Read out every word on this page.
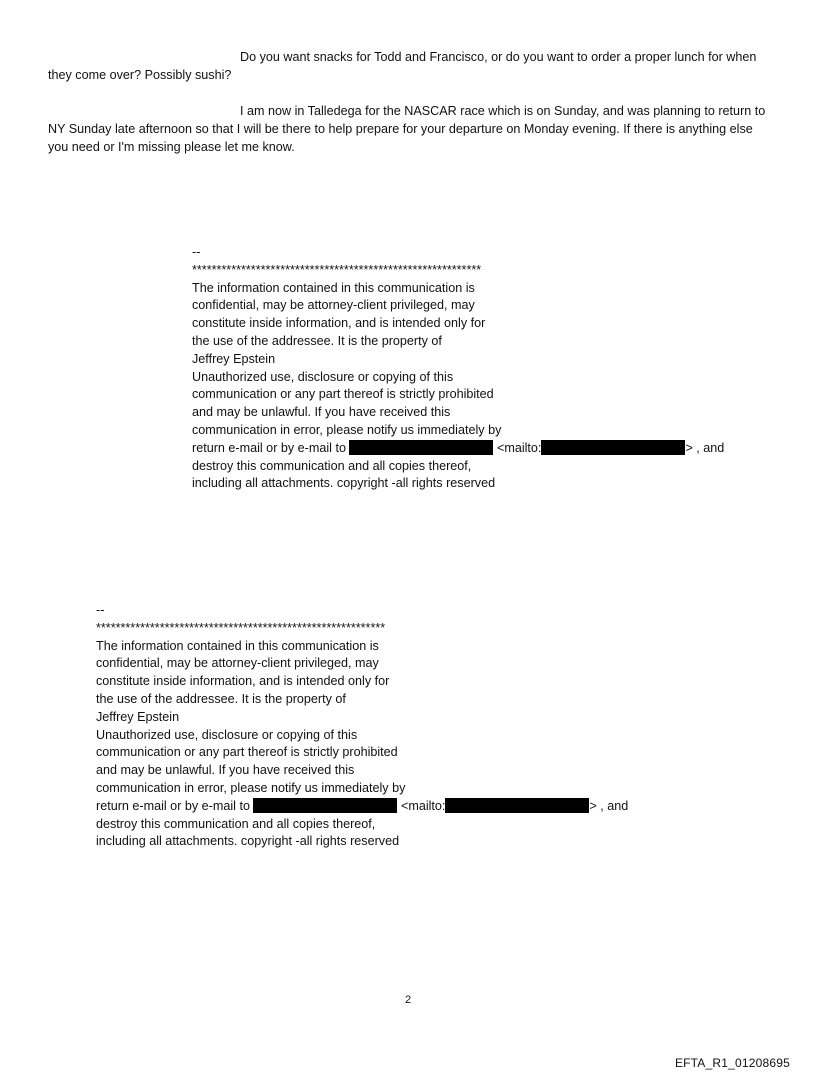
Do you want snacks for Todd and Francisco, or do you want to order a proper lunch for when they come over? Possibly sushi?

I am now in Talledega for the NASCAR race which is on Sunday, and was planning to return to NY Sunday late afternoon so that I will be there to help prepare for your departure on Monday evening. If there is anything else you need or I'm missing please let me know.

--
***********************************************************
The information contained in this communication is
confidential, may be attorney-client privileged, may
constitute inside information, and is intended only for
the use of the addressee. It is the property of
Jeffrey Epstein
Unauthorized use, disclosure or copying of this
communication or any part thereof is strictly prohibited
and may be unlawful. If you have received this
communication in error, please notify us immediately by
return e-mail or by e-mail to	<mailto:	> , and
destroy this communication and all copies thereof,
including all attachments. copyright -all rights reserved
--
***********************************************************
The information contained in this communication is
confidential, may be attorney-client privileged, may
constitute inside information, and is intended only for
the use of the addressee. It is the property of
Jeffrey Epstein
Unauthorized use, disclosure or copying of this
communication or any part thereof is strictly prohibited
and may be unlawful. If you have received this
communication in error, please notify us immediately by
return e-mail or by e-mail to	<mailto:	> , and
destroy this communication and all copies thereof,
including all attachments. copyright -all rights reserved
2
EFTA_R1_01208695
